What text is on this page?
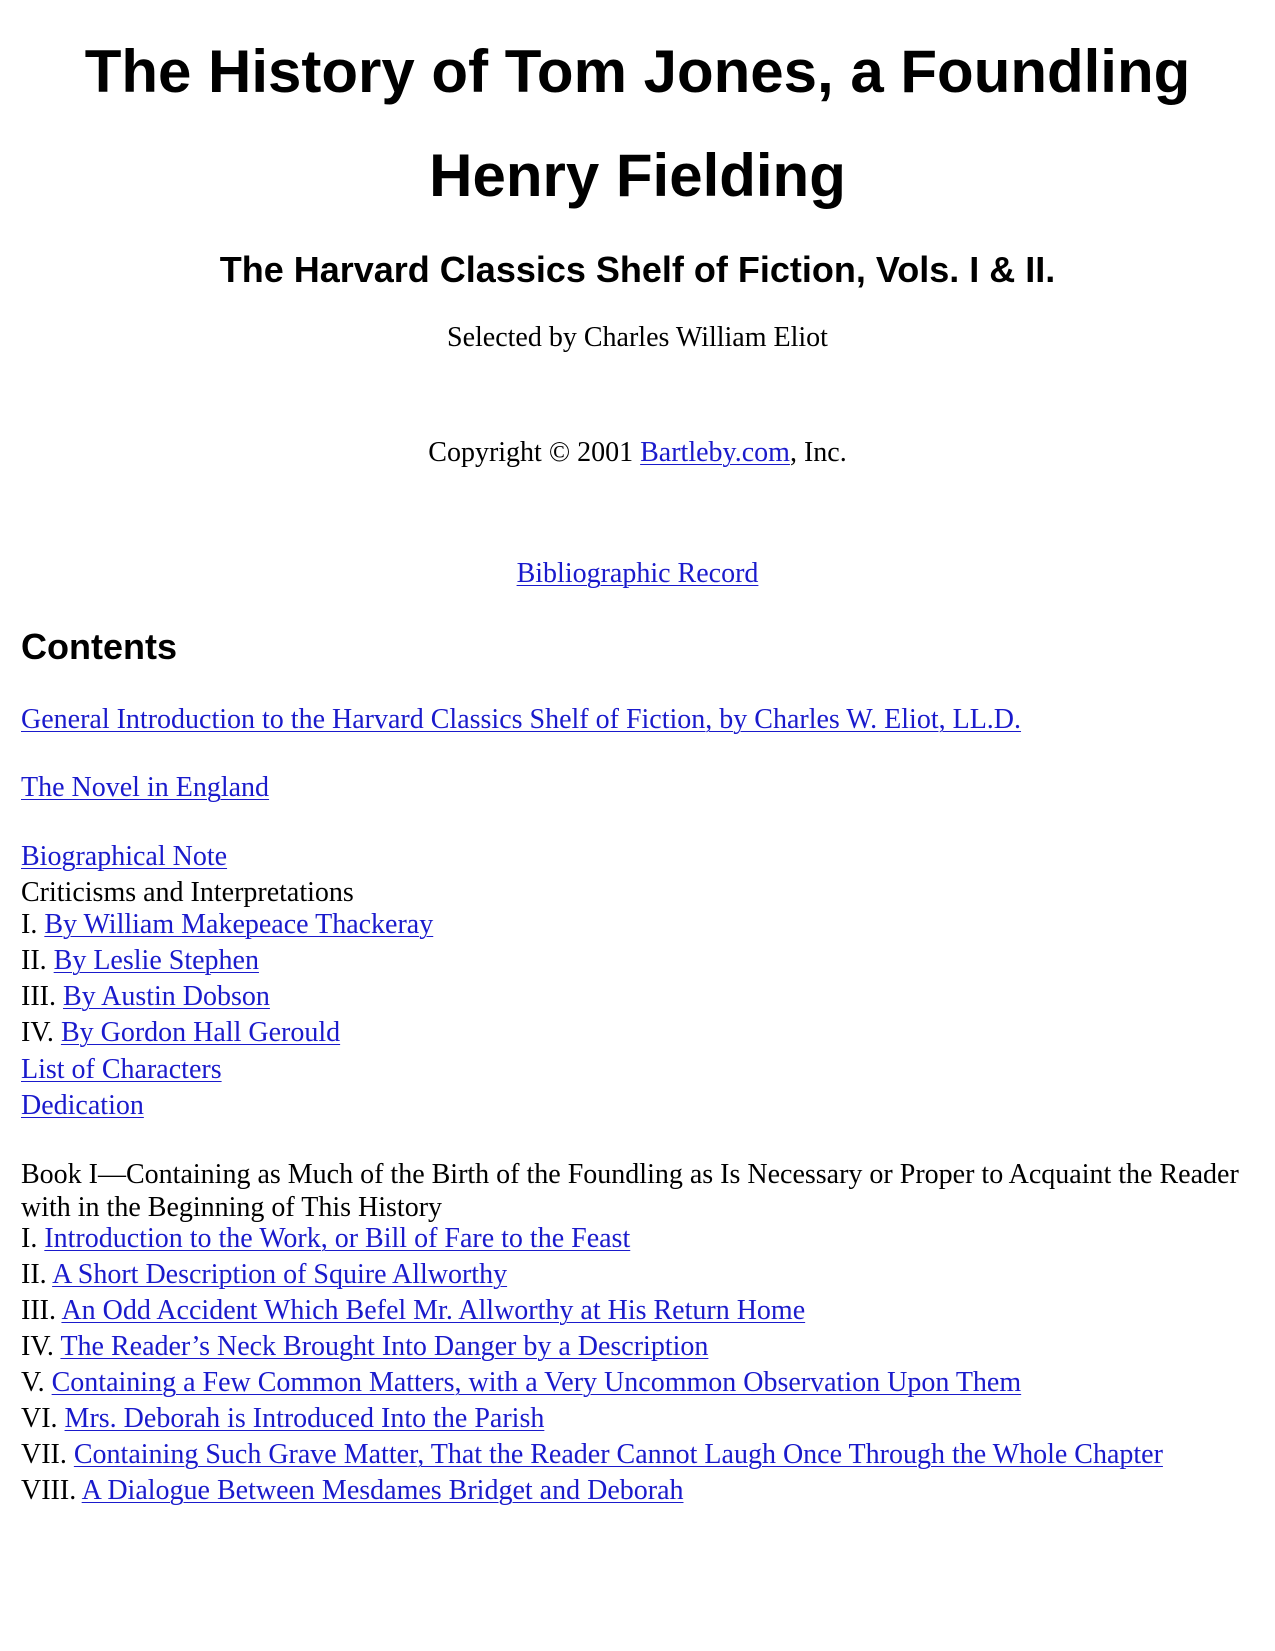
The History of Tom Jones, a Foundling
Henry Fielding
The Harvard Classics Shelf of Fiction, Vols. I & II.

Selected by Charles William Eliot

Copyright © 2001 Bartleby.com, Inc.

Bibliographic Record

Contents

General Introduction to the Harvard Classics Shelf of Fiction, by Charles W. Eliot, LL.D.

The Novel in England

Biographical Note

Criticisms and Interpretations

I. By William Makepeace Thackeray

II. By Leslie Stephen

III. By Austin Dobson

IV. By Gordon Hall Gerould

List of Characters

Dedication

Book I—Containing as Much of the Birth of the Foundling as Is Necessary or Proper to Acquaint the Reader with in the Beginning of This History

I. Introduction to the Work, or Bill of Fare to the Feast

II. A Short Description of Squire Allworthy

III. An Odd Accident Which Befel Mr. Allworthy at His Return Home

IV. The Reader’s Neck Brought Into Danger by a Description

V. Containing a Few Common Matters, with a Very Uncommon Observation Upon Them

VI. Mrs. Deborah is Introduced Into the Parish

VII. Containing Such Grave Matter, That the Reader Cannot Laugh Once Through the Whole Chapter

VIII. A Dialogue Between Mesdames Bridget and Deborah
